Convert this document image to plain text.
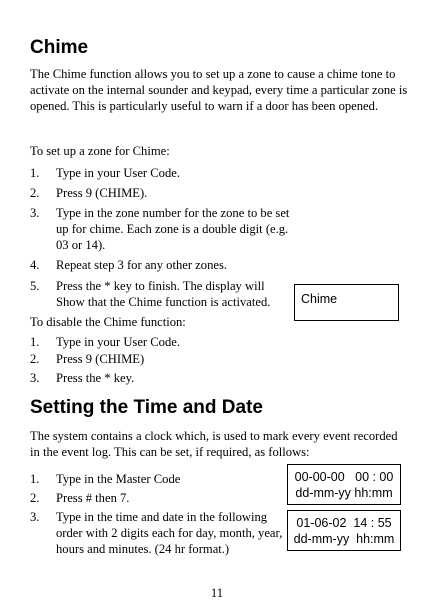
Chime

The Chime function allows you to set up a zone to cause a chime tone to activate on the internal sounder and keypad, every time a particular zone is opened. This is particularly useful to warn if a door has been opened.

To set up a zone for Chime:

1.	Type in your User Code.
2.	Press 9 (CHIME).
3.	Type in the zone number for the zone to be set up for chime. Each zone is a double digit (e.g. 03 or 14).
4.	Repeat step 3 for any other zones.
5.	Press the * key to finish. The display will Show that the Chime function is activated.	Chime

To disable the Chime function:

1.	Type in your User Code.
2.	Press 9 (CHIME)
3.	Press the * key.
Setting the Time and Date

The system contains a clock which, is used to mark every event recorded in the event log. This can be set, if required, as follows:

1.	Type in the Master Code
2.	Press # then 7.
3.	Type in the time and date in the following order with 2 digits each for day, month, year, hours and minutes. (24 hr format.)
00-00-00   00 : 00
dd-mm-yy hh:mm
01-06-02  14 : 55
dd-mm-yy  hh:mm
11
